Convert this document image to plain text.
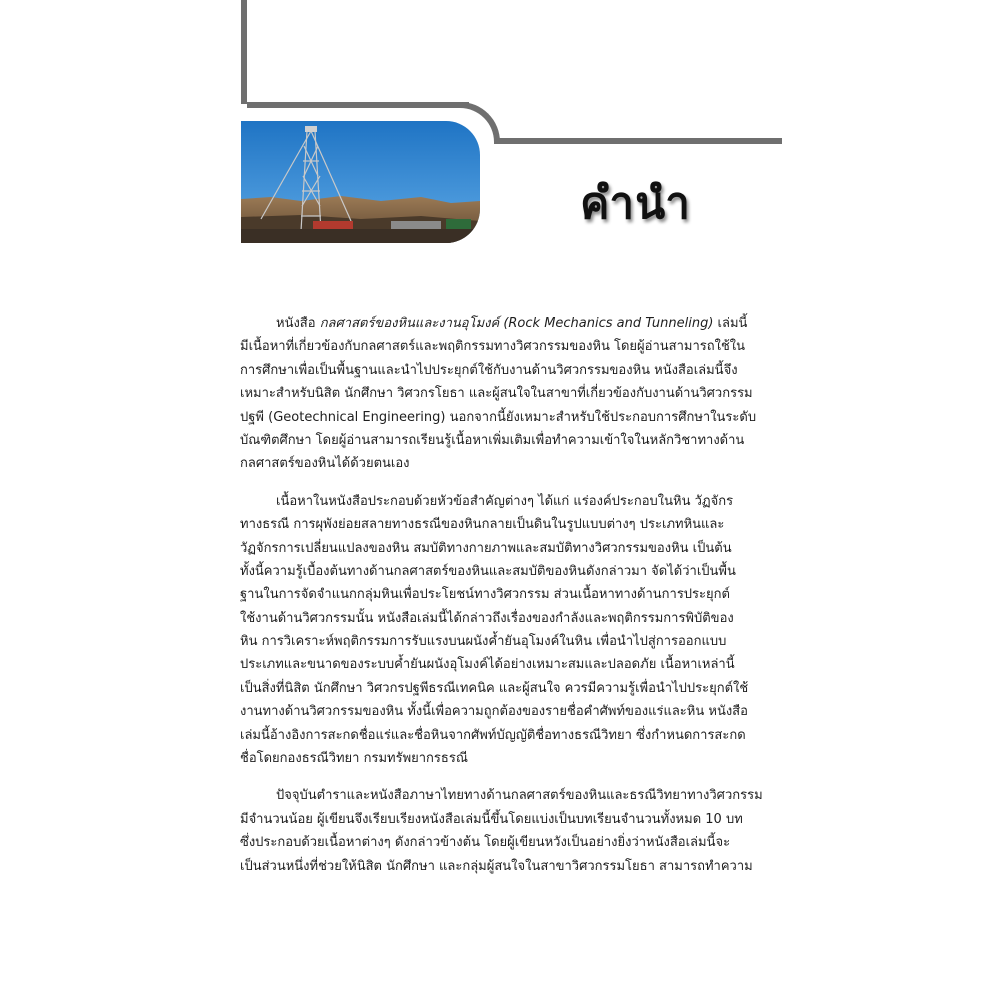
คำนำ
หนังสือ กลศาสตร์ของหินและงานอุโมงค์ (Rock Mechanics and Tunneling) เล่มนี้
มีเนื้อหาที่เกี่ยวข้องกับกลศาสตร์และพฤติกรรมทางวิศวกรรมของหิน โดยผู้อ่านสามารถใช้ใน
การศึกษาเพื่อเป็นพื้นฐานและนำไปประยุกต์ใช้กับงานด้านวิศวกรรมของหิน หนังสือเล่มนี้จึง
เหมาะสำหรับนิสิต นักศึกษา วิศวกรโยธา และผู้สนใจในสาขาที่เกี่ยวข้องกับงานด้านวิศวกรรม
ปฐพี (Geotechnical Engineering) นอกจากนี้ยังเหมาะสำหรับใช้ประกอบการศึกษาในระดับ
บัณฑิตศึกษา โดยผู้อ่านสามารถเรียนรู้เนื้อหาเพิ่มเติมเพื่อทำความเข้าใจในหลักวิชาทางด้าน
กลศาสตร์ของหินได้ด้วยตนเอง
เนื้อหาในหนังสือประกอบด้วยหัวข้อสำคัญต่างๆ ได้แก่ แร่องค์ประกอบในหิน วัฏจักร
ทางธรณี การผุพังย่อยสลายทางธรณีของหินกลายเป็นดินในรูปแบบต่างๆ ประเภทหินและ
วัฏจักรการเปลี่ยนแปลงของหิน สมบัติทางกายภาพและสมบัติทางวิศวกรรมของหิน เป็นต้น
ทั้งนี้ความรู้เบื้องต้นทางด้านกลศาสตร์ของหินและสมบัติของหินดังกล่าวมา จัดได้ว่าเป็นพื้น
ฐานในการจัดจำแนกกลุ่มหินเพื่อประโยชน์ทางวิศวกรรม ส่วนเนื้อหาทางด้านการประยุกต์
ใช้งานด้านวิศวกรรมนั้น หนังสือเล่มนี้ได้กล่าวถึงเรื่องของกำลังและพฤติกรรมการพิบัติของ
หิน การวิเคราะห์พฤติกรรมการรับแรงบนผนังค้ำยันอุโมงค์ในหิน เพื่อนำไปสู่การออกแบบ
ประเภทและขนาดของระบบค้ำยันผนังอุโมงค์ได้อย่างเหมาะสมและปลอดภัย เนื้อหาเหล่านี้
เป็นสิ่งที่นิสิต นักศึกษา วิศวกรปฐพีธรณีเทคนิค และผู้สนใจ ควรมีความรู้เพื่อนำไปประยุกต์ใช้
งานทางด้านวิศวกรรมของหิน ทั้งนี้เพื่อความถูกต้องของรายชื่อคำศัพท์ของแร่และหิน หนังสือ
เล่มนี้อ้างอิงการสะกดชื่อแร่และชื่อหินจากศัพท์บัญญัติชื่อทางธรณีวิทยา ซึ่งกำหนดการสะกด
ชื่อโดยกองธรณีวิทยา กรมทรัพยากรธรณี
ปัจจุบันตำราและหนังสือภาษาไทยทางด้านกลศาสตร์ของหินและธรณีวิทยาทางวิศวกรรม
มีจำนวนน้อย ผู้เขียนจึงเรียบเรียงหนังสือเล่มนี้ขึ้นโดยแบ่งเป็นบทเรียนจำนวนทั้งหมด 10 บท
ซึ่งประกอบด้วยเนื้อหาต่างๆ ดังกล่าวข้างต้น โดยผู้เขียนหวังเป็นอย่างยิ่งว่าหนังสือเล่มนี้จะ
เป็นส่วนหนึ่งที่ช่วยให้นิสิต นักศึกษา และกลุ่มผู้สนใจในสาขาวิศวกรรมโยธา สามารถทำความ
